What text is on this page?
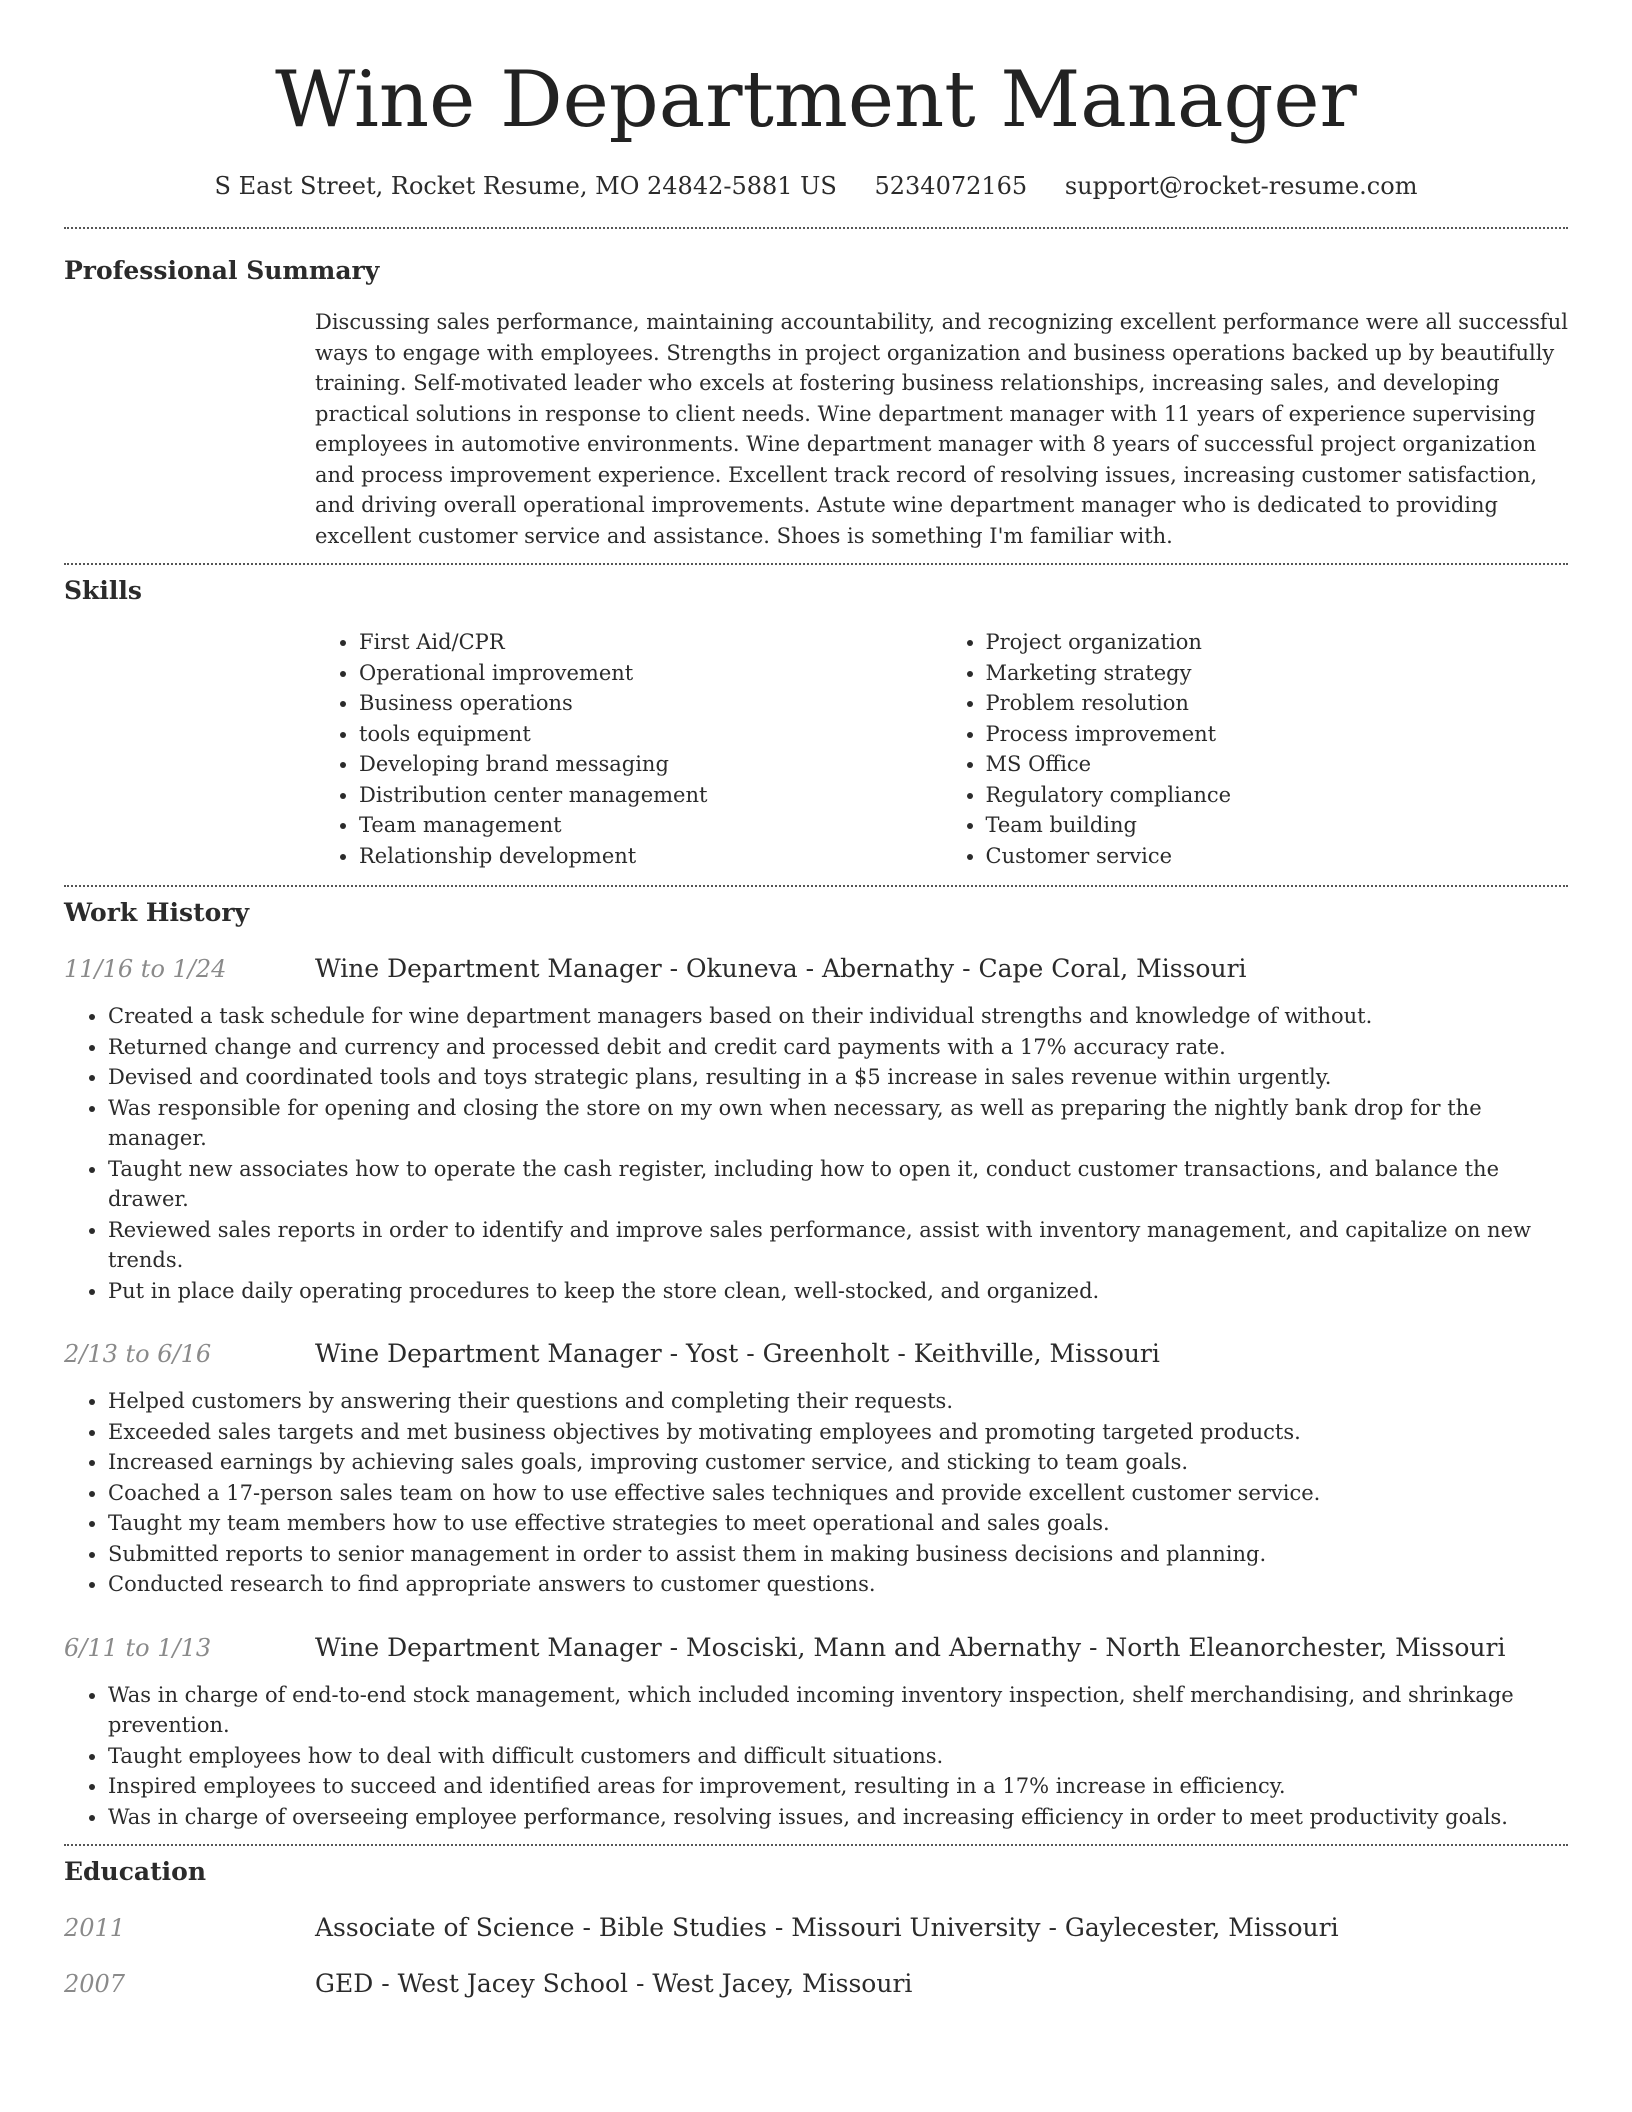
Wine Department Manager
S East Street, Rocket Resume, MO 24842-5881 US 5234072165 support@rocket-resume.com
Professional Summary
Discussing sales performance, maintaining accountability, and recognizing excellent performance were all successful ways to engage with employees. Strengths in project organization and business operations backed up by beautifully training. Self-motivated leader who excels at fostering business relationships, increasing sales, and developing practical solutions in response to client needs. Wine department manager with 11 years of experience supervising employees in automotive environments. Wine department manager with 8 years of successful project organization and process improvement experience. Excellent track record of resolving issues, increasing customer satisfaction, and driving overall operational improvements. Astute wine department manager who is dedicated to providing excellent customer service and assistance. Shoes is something I'm familiar with.
Skills
• First Aid/CPR
• Operational improvement
• Business operations
• tools equipment
• Developing brand messaging
• Distribution center management
• Team management
• Relationship development
• Project organization
• Marketing strategy
• Problem resolution
• Process improvement
• MS Office
• Regulatory compliance
• Team building
• Customer service
Work History
11/16 to 1/24	Wine Department Manager - Okuneva - Abernathy - Cape Coral, Missouri
• Created a task schedule for wine department managers based on their individual strengths and knowledge of without.
• Returned change and currency and processed debit and credit card payments with a 17% accuracy rate.
• Devised and coordinated tools and toys strategic plans, resulting in a $5 increase in sales revenue within urgently.
• Was responsible for opening and closing the store on my own when necessary, as well as preparing the nightly bank drop for the manager.
• Taught new associates how to operate the cash register, including how to open it, conduct customer transactions, and balance the drawer.
• Reviewed sales reports in order to identify and improve sales performance, assist with inventory management, and capitalize on new trends.
• Put in place daily operating procedures to keep the store clean, well-stocked, and organized.
2/13 to 6/16	Wine Department Manager - Yost - Greenholt - Keithville, Missouri
• Helped customers by answering their questions and completing their requests.
• Exceeded sales targets and met business objectives by motivating employees and promoting targeted products.
• Increased earnings by achieving sales goals, improving customer service, and sticking to team goals.
• Coached a 17-person sales team on how to use effective sales techniques and provide excellent customer service.
• Taught my team members how to use effective strategies to meet operational and sales goals.
• Submitted reports to senior management in order to assist them in making business decisions and planning.
• Conducted research to find appropriate answers to customer questions.
6/11 to 1/13	Wine Department Manager - Mosciski, Mann and Abernathy - North Eleanorchester, Missouri
• Was in charge of end-to-end stock management, which included incoming inventory inspection, shelf merchandising, and shrinkage prevention.
• Taught employees how to deal with difficult customers and difficult situations.
• Inspired employees to succeed and identified areas for improvement, resulting in a 17% increase in efficiency.
• Was in charge of overseeing employee performance, resolving issues, and increasing efficiency in order to meet productivity goals.
Education
2011	Associate of Science - Bible Studies - Missouri University - Gaylecester, Missouri
2007	GED - West Jacey School - West Jacey, Missouri
